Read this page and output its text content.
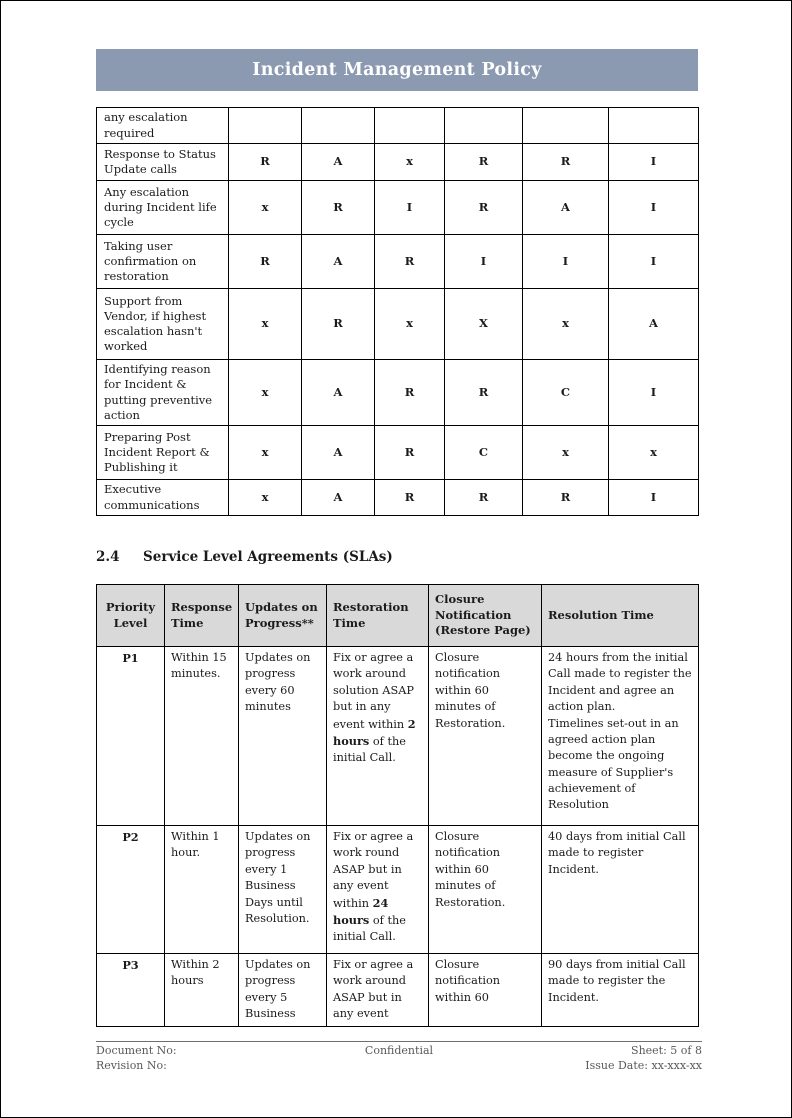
Incident Management Policy
any escalation required						
Response to Status Update calls	R	A	x	R	R	I
Any escalation during Incident life cycle	x	R	I	R	A	I
Taking user confirmation on restoration	R	A	R	I	I	I
Support from Vendor, if highest escalation hasn't worked	x	R	x	X	x	A
Identifying reason for Incident & putting preventive action	x	A	R	R	C	I
Preparing Post Incident Report & Publishing it	x	A	R	C	x	x
Executive communications	x	A	R	R	R	I
2.4	Service Level Agreements (SLAs)
Priority Level	Response Time	Updates on Progress**	Restoration Time	Closure Notification (Restore Page)	Resolution Time
P1	Within 15 minutes.	Updates on progress every 60 minutes	Fix or agree a work around solution ASAP but in any event within 2 hours of the initial Call.	Closure notification within 60 minutes of Restoration.	24 hours from the initial Call made to register the Incident and agree an action plan.
Timelines set-out in an agreed action plan become the ongoing measure of Supplier's achievement of Resolution

P2	Within 1 hour.	Updates on progress every 1 Business Days until Resolution.	Fix or agree a work round ASAP but in any event within 24 hours of the initial Call.	Closure notification within 60 minutes of Restoration.	40 days from initial Call made to register Incident.

P3	Within 2 hours	Updates on progress every 5 Business	Fix or agree a work around ASAP but in any event	Closure notification within 60	90 days from initial Call made to register the Incident.
Document No:
Revision No:
Confidential	Sheet: 5 of 8
Issue Date: xx-xxx-xx
